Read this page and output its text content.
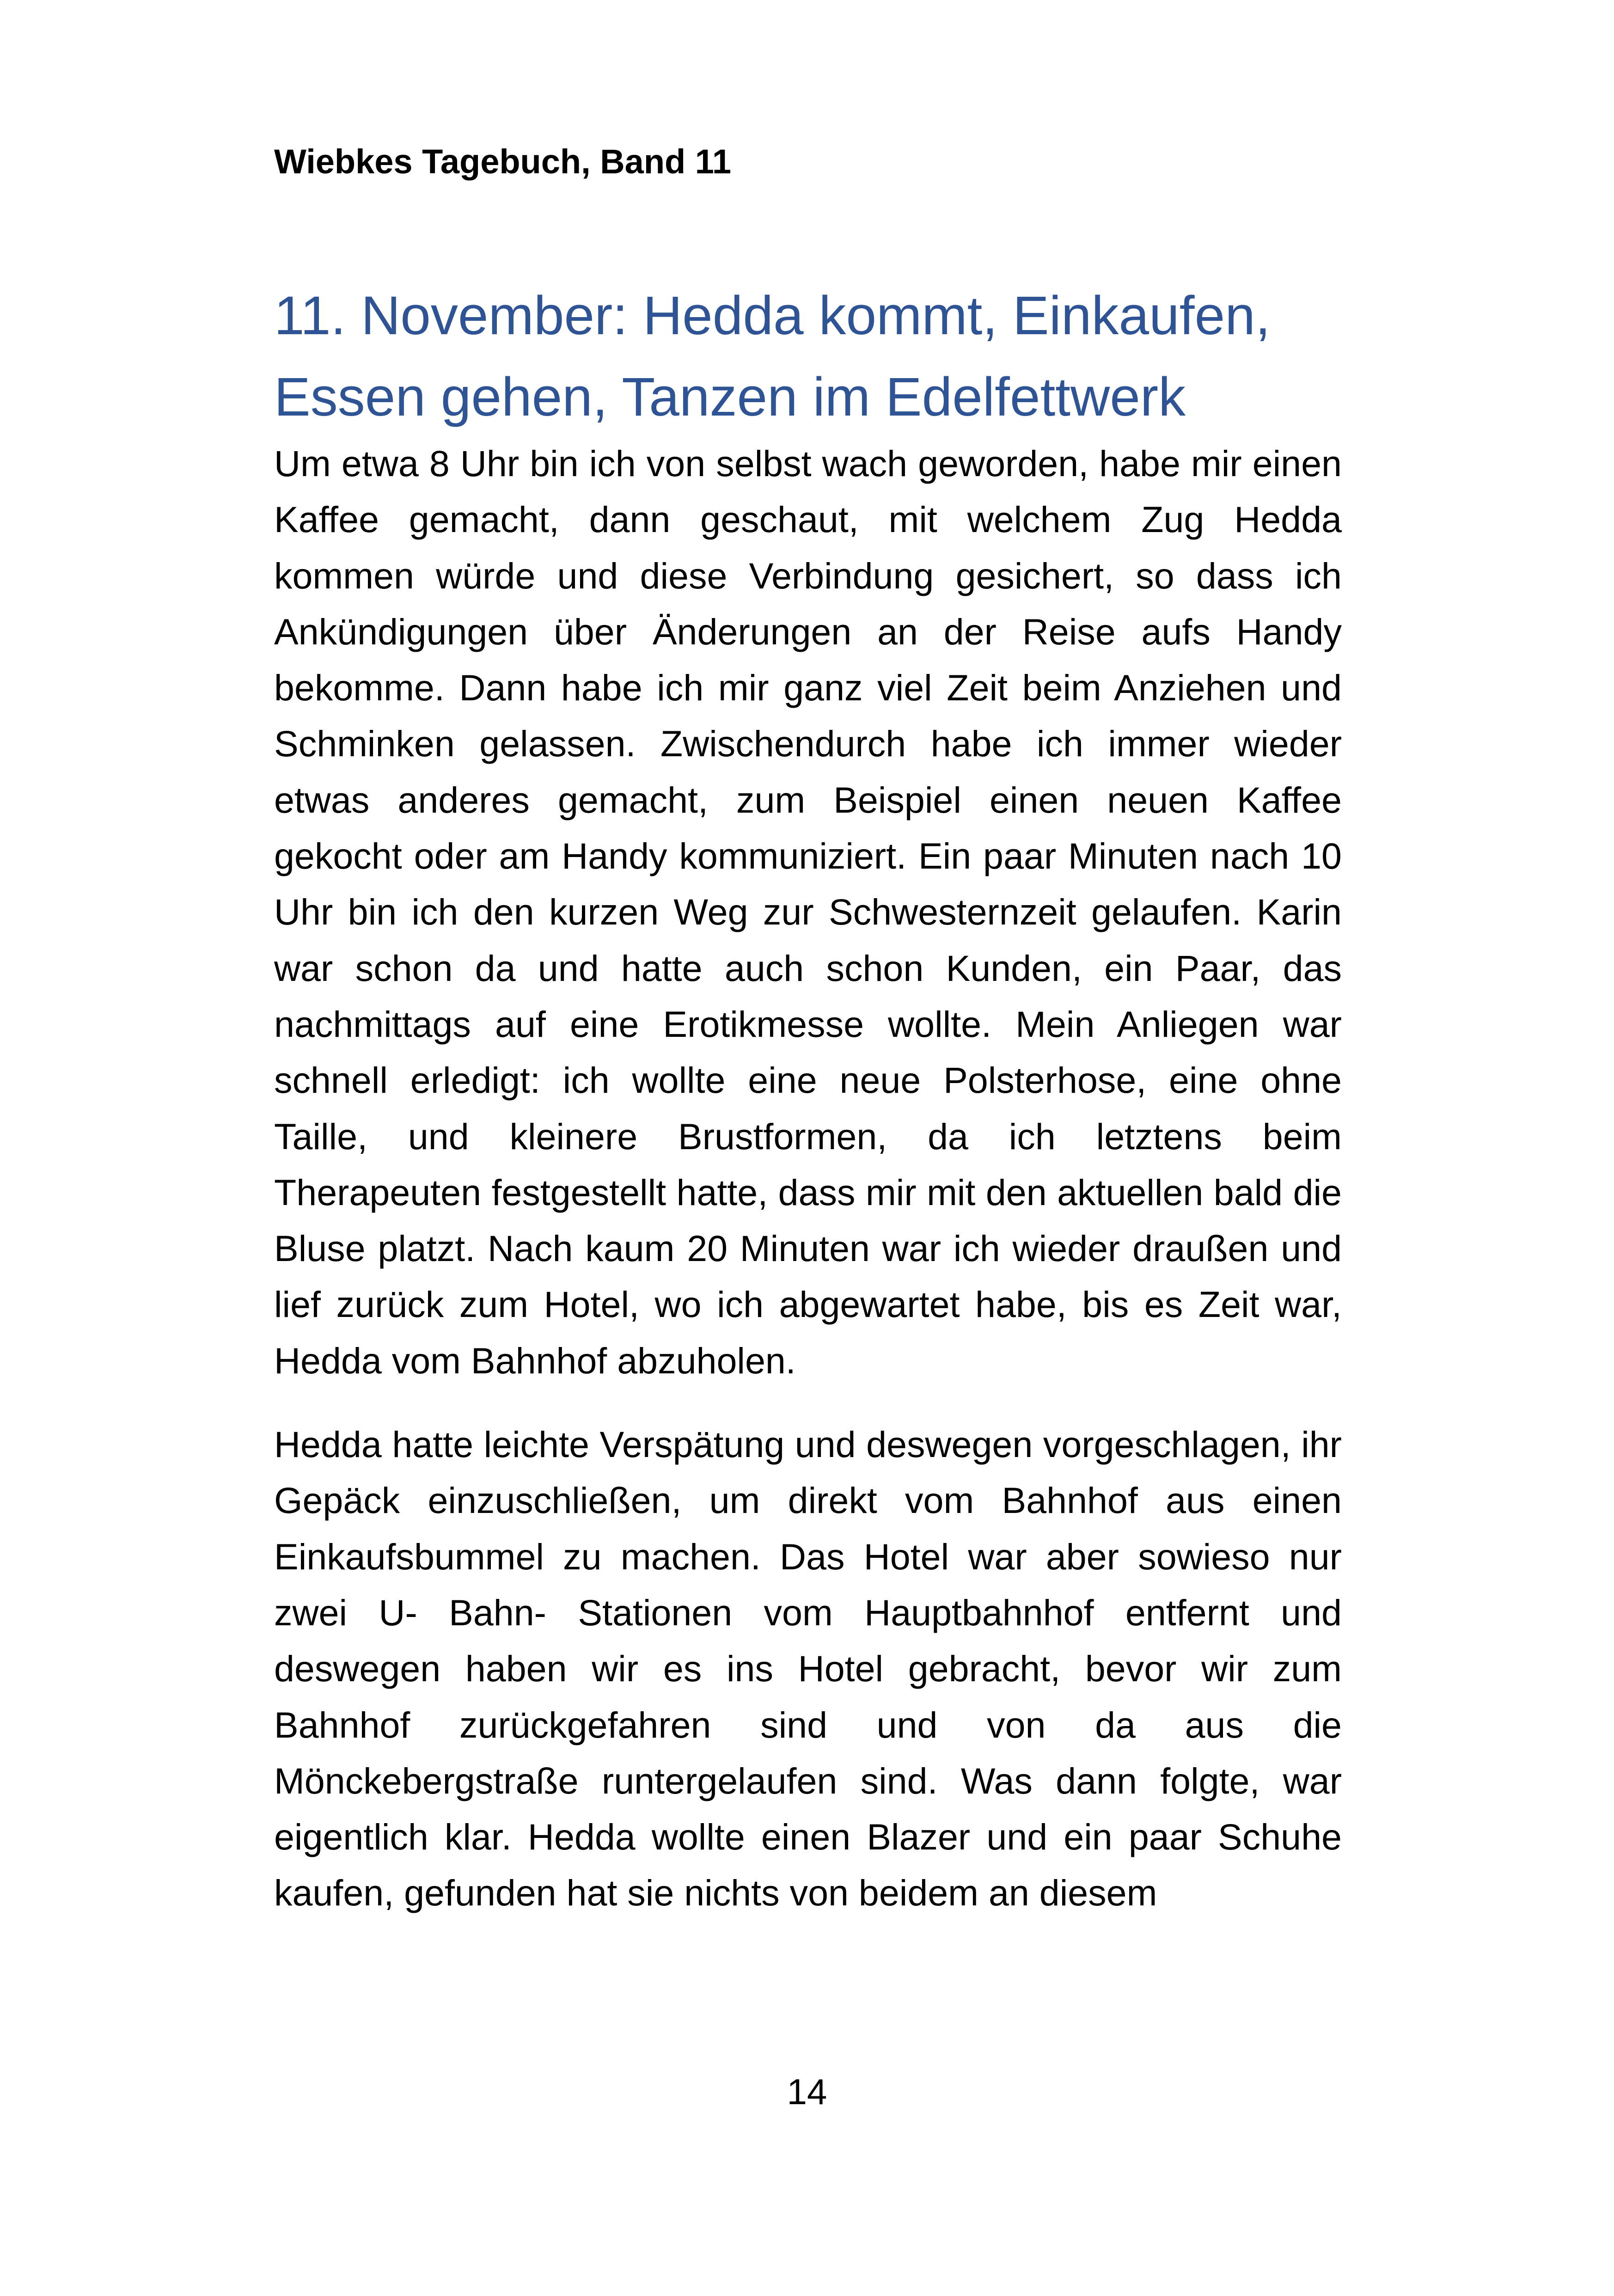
Wiebkes Tagebuch, Band 11
11. November: Hedda kommt, Einkaufen, Essen gehen, Tanzen im Edelfettwerk

Um etwa 8 Uhr bin ich von selbst wach geworden, habe mir einen Kaffee gemacht, dann geschaut, mit welchem Zug Hedda kommen würde und diese Verbindung gesichert, so dass ich Ankündigungen über Änderungen an der Reise aufs Handy bekomme. Dann habe ich mir ganz viel Zeit beim Anziehen und Schminken gelassen. Zwischendurch habe ich immer wieder etwas anderes gemacht, zum Beispiel einen neuen Kaffee gekocht oder am Handy kommuniziert. Ein paar Minuten nach 10 Uhr bin ich den kurzen Weg zur Schwesternzeit gelaufen. Karin war schon da und hatte auch schon Kunden, ein Paar, das nachmittags auf eine Erotikmesse wollte. Mein Anliegen war schnell erledigt: ich wollte eine neue Polsterhose, eine ohne Taille, und kleinere Brustformen, da ich letztens beim Therapeuten festgestellt hatte, dass mir mit den aktuellen bald die Bluse platzt. Nach kaum 20 Minuten war ich wieder draußen und lief zurück zum Hotel, wo ich abgewartet habe, bis es Zeit war, Hedda vom Bahnhof abzuholen.

Hedda hatte leichte Verspätung und deswegen vorgeschlagen, ihr Gepäck einzuschließen, um direkt vom Bahnhof aus einen Einkaufsbummel zu machen. Das Hotel war aber sowieso nur zwei U- Bahn- Stationen vom Hauptbahnhof entfernt und deswegen haben wir es ins Hotel gebracht, bevor wir zum Bahnhof zurückgefahren sind und von da aus die Mönckebergstraße runtergelaufen sind. Was dann folgte, war eigentlich klar. Hedda wollte einen Blazer und ein paar Schuhe kaufen, gefunden hat sie nichts von beidem an diesem

14
